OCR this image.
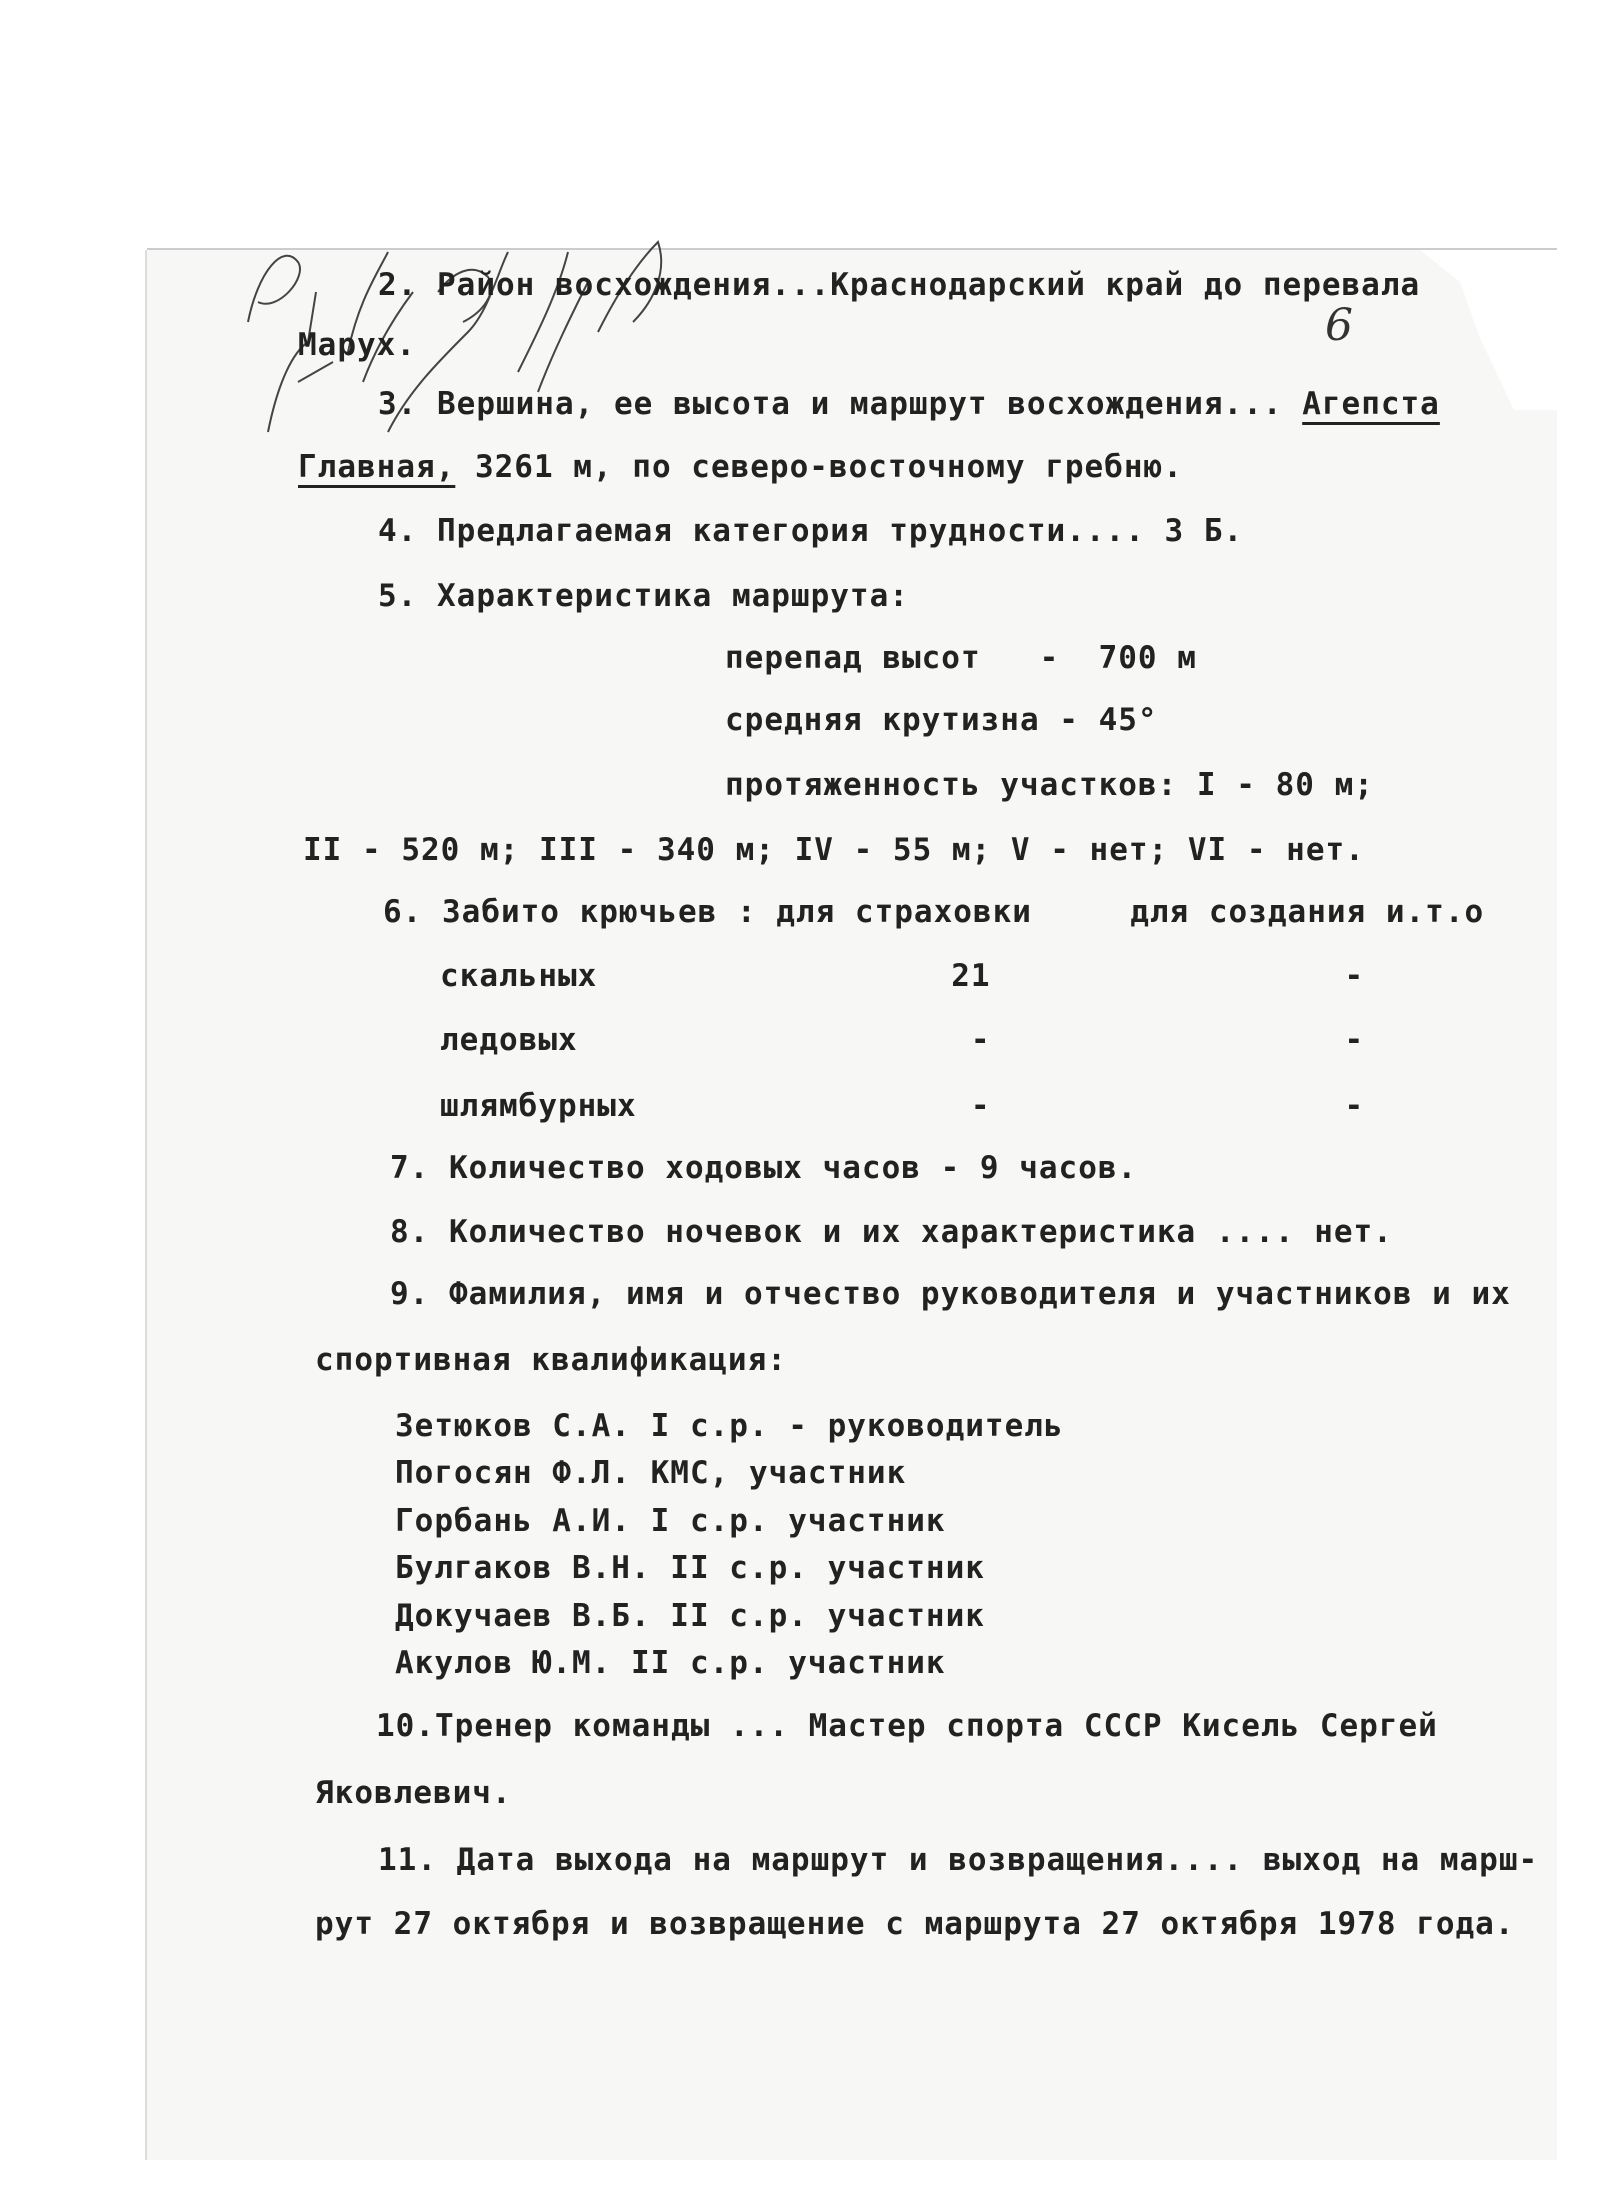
6
2. Район восхождения...Краснодарский край до перевала
Марух.
3. Вершина, ее высота и маршрут восхождения... Агепста
Главная, 3261 м, по северо-восточному гребню.
4. Предлагаемая категория трудности.... 3 Б.
5. Характеристика маршрута:
перепад высот   -  700 м
средняя крутизна - 45°
протяженность участков: I - 80 м;
II - 520 м; III - 340 м; IV - 55 м; V - нет; VI - нет.
6. Забито крючьев : для страховки     для создания и.т.о
скальных                  21                  -
ледовых                    -                  -
шлямбурных                 -                  -
7. Количество ходовых часов - 9 часов.
8. Количество ночевок и их характеристика .... нет.
9. Фамилия, имя и отчество руководителя и участников и их
спортивная квалификация:
Зетюков С.А. I с.р. - руководитель
Погосян Ф.Л. КМС, участник
Горбань А.И. I с.р. участник
Булгаков В.Н. II с.р. участник
Докучаев В.Б. II с.р. участник
Акулов Ю.М. II с.р. участник
10.Тренер команды ... Мастер спорта СССР Кисель Сергей
Яковлевич.
11. Дата выхода на маршрут и возвращения.... выход на марш-
рут 27 октября и возвращение с маршрута 27 октября 1978 года.
